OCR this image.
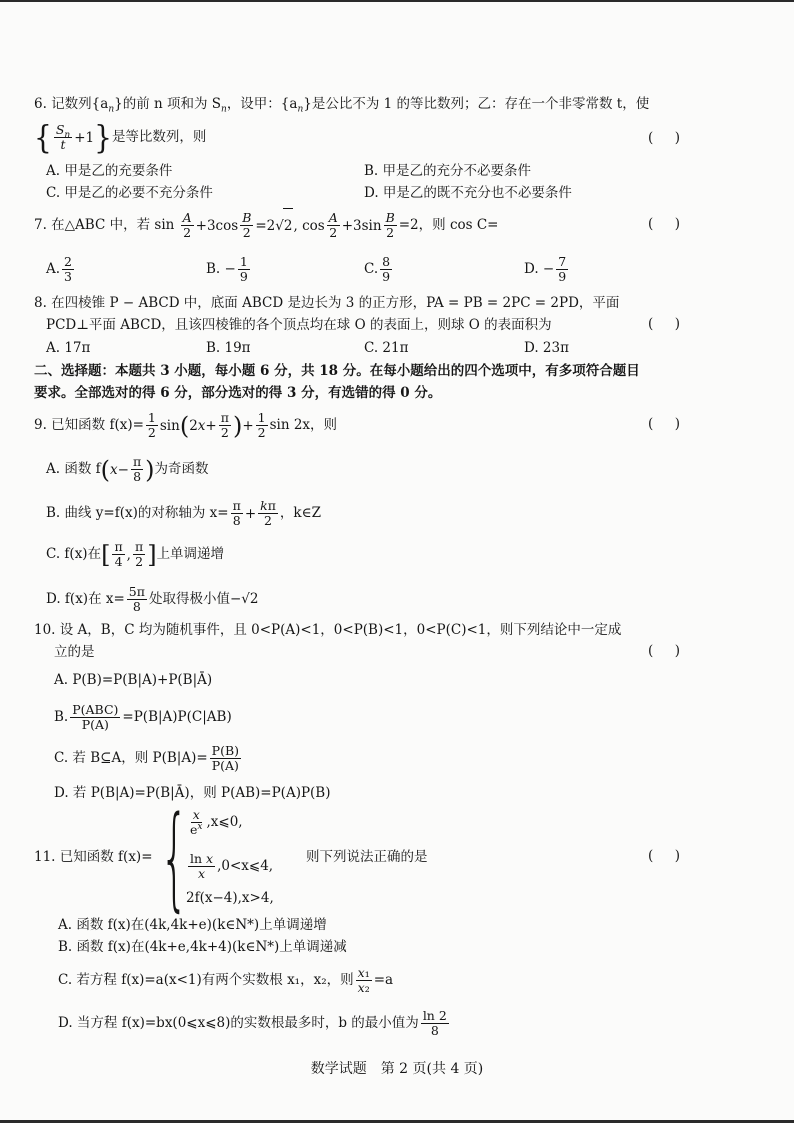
6. 记数列$\{a_n\}$的前 n 项和为 $S_n$，设甲：$\{a_n\}$是公比不为 1 的等比数列；乙：存在一个非零常数 t，使
{ $\frac{S_n}{t} +1$ } 是等比数列，则
(     )
A. 甲是乙的充要条件	B. 甲是乙的充分不必要条件
C. 甲是乙的必要不充分条件	D. 甲是乙的既不充分也不必要条件
7. 在△ABC 中，若 $\sin \frac{A}{2} +3\cos \frac{B}{2} =2$ √ 2 , $\cos \frac{A}{2} +3\sin \frac{B}{2} =2$，则 cos C=
(     )
A. $\frac{2}{3}$	B. − $\frac{1}{9}$	C. $\frac{8}{9}$	D. − $\frac{7}{9}$
8. 在四棱锥 P − ABCD 中，底面 ABCD 是边长为 3 的正方形，PA = PB = 2PC = 2PD，平面
PCD⊥平面 ABCD，且该四棱锥的各个顶点均在球 O 的表面上，则球 O 的表面积为
(     )
A. 17π	B. 19π	C. 21π	D. 23π
二、选择题：本题共 3 小题，每小题 6 分，共 18 分。在每小题给出的四个选项中，有多项符合题目
要求。全部选对的得 6 分，部分选对的得 3 分，有选错的得 0 分。
9. 已知函数 $f(x)= \frac{1}{2}$ sin ( 2 $x + \frac{\pi}{2}$ ) + $\frac{1}{2}$ sin 2x，则
(     )
A. 函数 f ( $x - \frac{\pi}{8}$ ) 为奇函数
B. 曲线 y=f(x)的对称轴为 $x= \frac{\pi}{8} + \frac{k\pi}{2}$ ，k∈Z
C. f(x)在 [ $\frac{\pi}{4}$ , $\frac{\pi}{2}$ ] 上单调递增
D. f(x)在 $x= \frac{5\pi}{8}$ 处取得极小值−√2
10. 设 A，B，C 均为随机事件，且 0<P(A)<1，0<P(B)<1，0<P(C)<1，则下列结论中一定成
立的是
(     )
A. P(B)=P(B|A)+P(B|Ā)
B. $\frac{\text{P(ABC)}}{P(A)} =P(B|A)P(C|AB)$
C. 若 B⊆A，则 $P(B|A)= \frac{P(B)}{P(A)}$
D. 若 P(B|A)=P(B|Ā)，则 P(AB)=P(A)P(B)
11. 已知函数 f(x)= { $\frac{x}{e^x}$ ,x⩽0,
$\frac{\text{ln x}}{x}$ ,0<x⩽4,
2f(x−4),x>4,
则下列说法正确的是
(     )
A. 函数 f(x)在(4k,4k+e)(k∈N*)上单调递增
B. 函数 f(x)在(4k+e,4k+4)(k∈N*)上单调递减
C. 若方程 f(x)=a(x<1)有两个实数根 x₁，x₂，则 $\frac{\text{x₁}}{\text{x₂}} =a$
D. 当方程 f(x)=bx(0⩽x⩽8)的实数根最多时，b 的最小值为 $\frac{\ln 2}{8}$
数学试题　第 2 页(共 4 页)
